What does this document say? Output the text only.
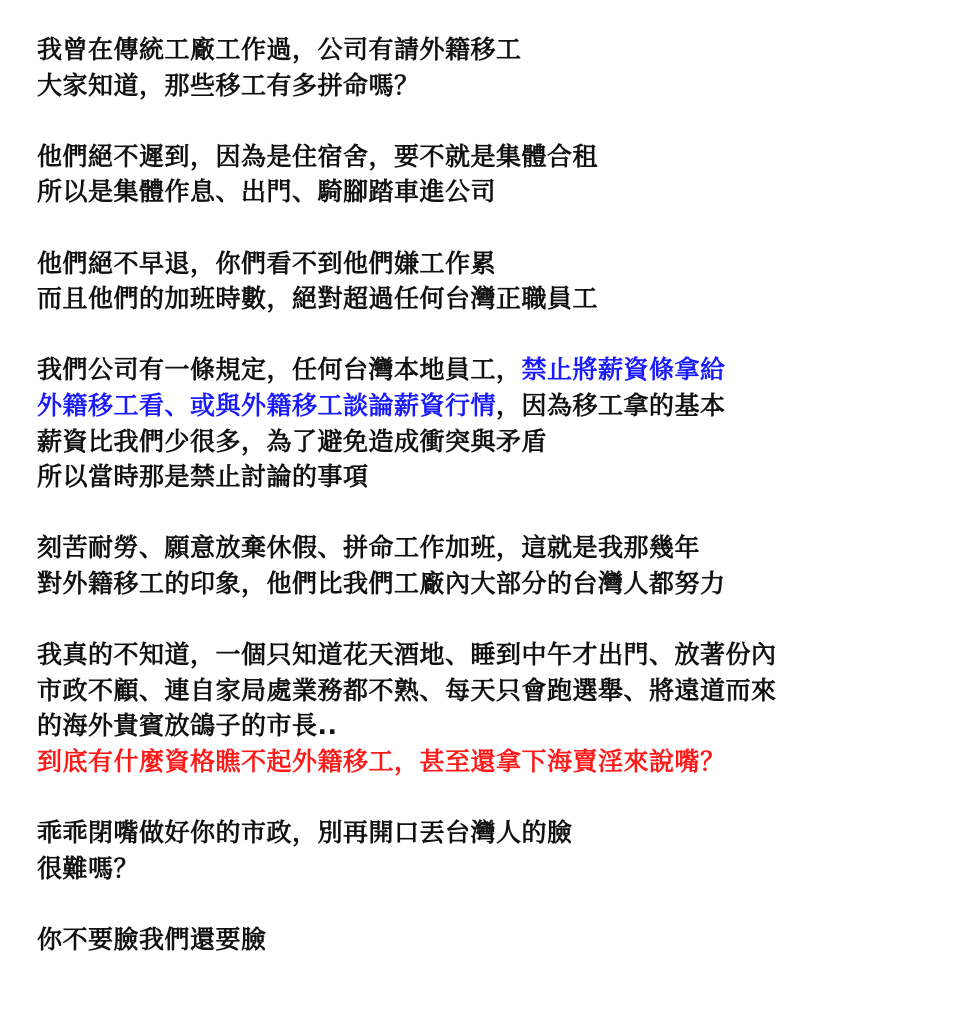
我曾在傳統工廠工作過，公司有請外籍移工
大家知道，那些移工有多拼命嗎？
他們絕不遲到，因為是住宿舍，要不就是集體合租
所以是集體作息、出門、騎腳踏車進公司
他們絕不早退，你們看不到他們嫌工作累
而且他們的加班時數，絕對超過任何台灣正職員工
我們公司有一條規定，任何台灣本地員工，禁止將薪資條拿給
外籍移工看、或與外籍移工談論薪資行情，因為移工拿的基本
薪資比我們少很多，為了避免造成衝突與矛盾
所以當時那是禁止討論的事項
刻苦耐勞、願意放棄休假、拼命工作加班，這就是我那幾年
對外籍移工的印象，他們比我們工廠內大部分的台灣人都努力
我真的不知道，一個只知道花天酒地、睡到中午才出門、放著份內
市政不顧、連自家局處業務都不熟、每天只會跑選舉、將遠道而來
的海外貴賓放鴿子的市長..
到底有什麼資格瞧不起外籍移工，甚至還拿下海賣淫來說嘴？
乖乖閉嘴做好你的市政，別再開口丟台灣人的臉
很難嗎？
你不要臉我們還要臉
